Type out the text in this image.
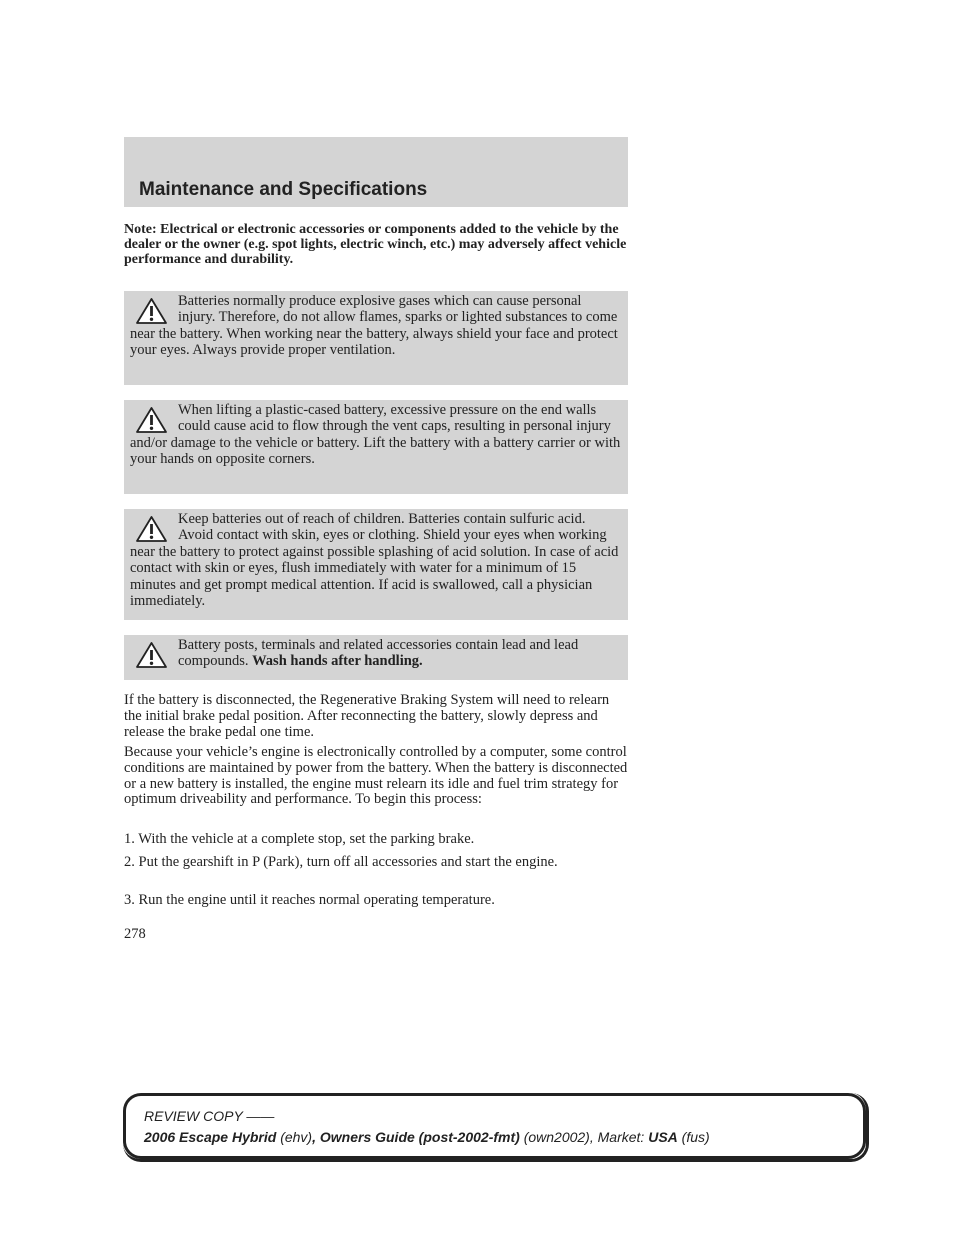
Maintenance and Specifications

Note: Electrical or electronic accessories or components added to the vehicle by the dealer or the owner (e.g. spot lights, electric winch, etc.) may adversely affect vehicle performance and durability.

Batteries normally produce explosive gases which can cause personal injury. Therefore, do not allow flames, sparks or lighted substances to come near the battery. When working near the battery, always shield your face and protect your eyes. Always provide proper ventilation.

When lifting a plastic-cased battery, excessive pressure on the end walls could cause acid to flow through the vent caps, resulting in personal injury and/or damage to the vehicle or battery. Lift the battery with a battery carrier or with your hands on opposite corners.

Keep batteries out of reach of children. Batteries contain sulfuric acid. Avoid contact with skin, eyes or clothing. Shield your eyes when working near the battery to protect against possible splashing of acid solution. In case of acid contact with skin or eyes, flush immediately with water for a minimum of 15 minutes and get prompt medical attention. If acid is swallowed, call a physician immediately.

Battery posts, terminals and related accessories contain lead and lead compounds. Wash hands after handling.

If the battery is disconnected, the Regenerative Braking System will need to relearn the initial brake pedal position. After reconnecting the battery, slowly depress and release the brake pedal one time.

Because your vehicle’s engine is electronically controlled by a computer, some control conditions are maintained by power from the battery. When the battery is disconnected or a new battery is installed, the engine must relearn its idle and fuel trim strategy for optimum driveability and performance. To begin this process:

1. With the vehicle at a complete stop, set the parking brake.

2. Put the gearshift in P (Park), turn off all accessories and start the engine.

3. Run the engine until it reaches normal operating temperature.

278

REVIEW COPY ——

2006 Escape Hybrid (ehv), Owners Guide (post-2002-fmt) (own2002), Market: USA (fus)
